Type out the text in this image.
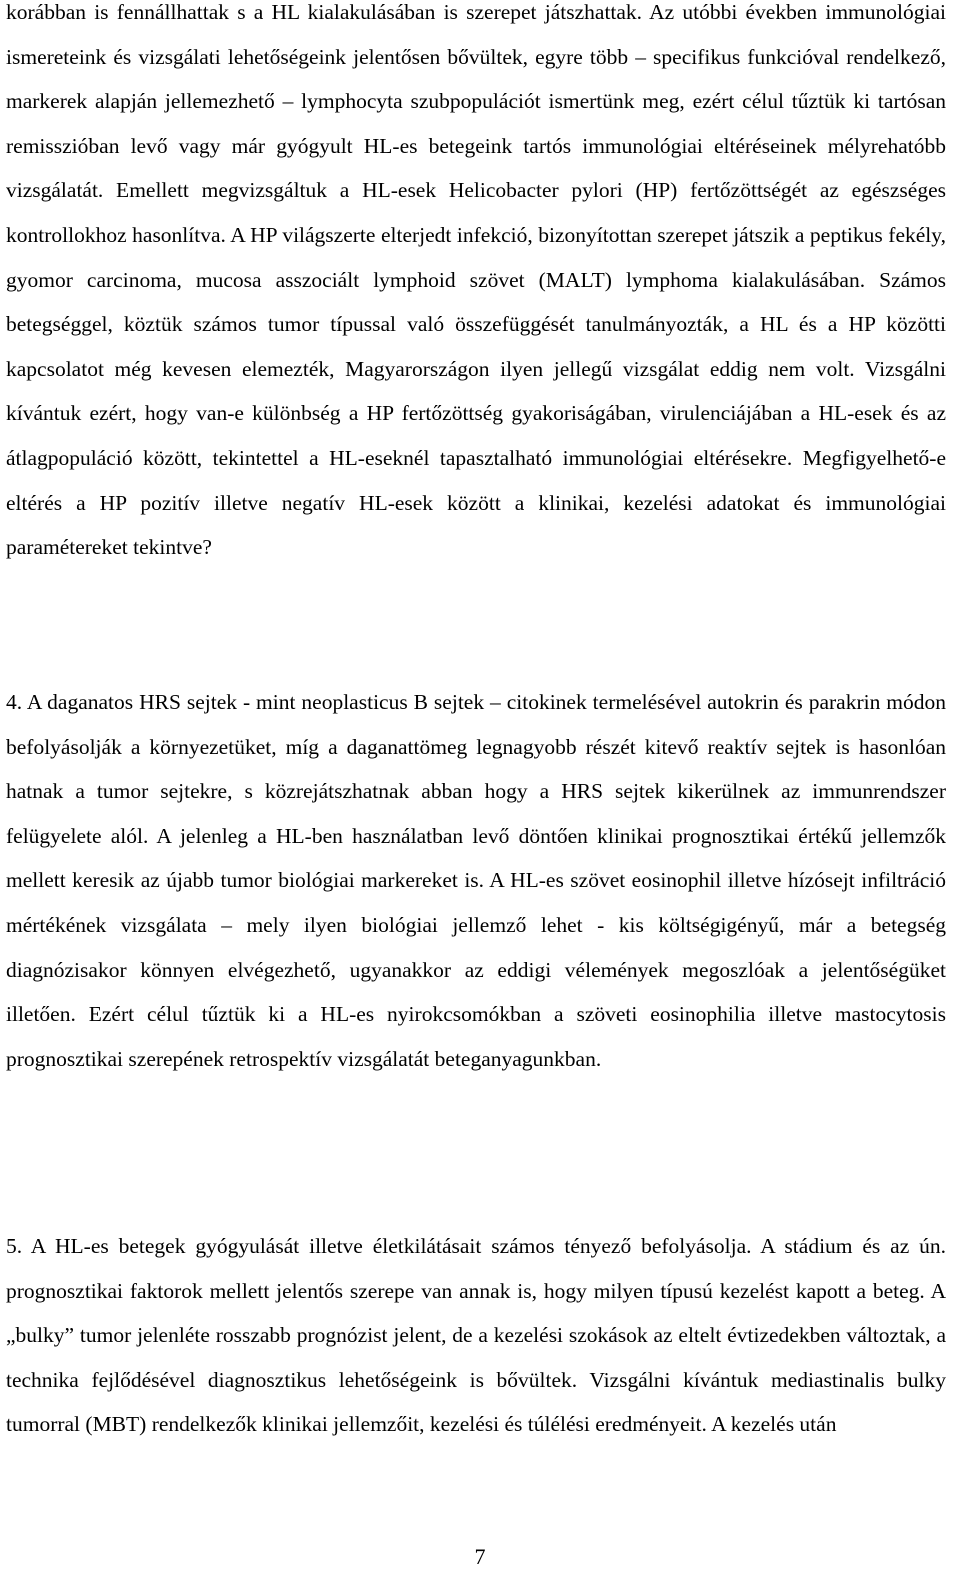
korábban is fennállhattak s a HL kialakulásában is szerepet játszhattak. Az utóbbi években immunológiai ismereteink és vizsgálati lehetőségeink jelentősen bővültek, egyre több – specifikus funkcióval rendelkező, markerek alapján jellemezhető – lymphocyta szubpopulációt ismertünk meg, ezért célul tűztük ki tartósan remisszióban levő vagy már gyógyult HL-es betegeink tartós immunológiai eltéréseinek mélyrehatóbb vizsgálatát. Emellett megvizsgáltuk a HL-esek Helicobacter pylori (HP) fertőzöttségét az egészséges kontrollokhoz hasonlítva. A HP világszerte elterjedt infekció, bizonyítottan szerepet játszik a peptikus fekély, gyomor carcinoma, mucosa asszociált lymphoid szövet (MALT) lymphoma kialakulásában. Számos betegséggel, köztük számos tumor típussal való összefüggését tanulmányozták, a HL és a HP közötti kapcsolatot még kevesen elemezték, Magyarországon ilyen jellegű vizsgálat eddig nem volt. Vizsgálni kívántuk ezért, hogy van-e különbség a HP fertőzöttség gyakoriságában, virulenciájában a HL-esek és az átlagpopuláció között, tekintettel a HL-eseknél tapasztalható immunológiai eltérésekre. Megfigyelhető-e eltérés a HP pozitív illetve negatív HL-esek között a klinikai, kezelési adatokat és immunológiai paramétereket tekintve?

4. A daganatos HRS sejtek - mint neoplasticus B sejtek – citokinek termelésével autokrin és parakrin módon befolyásolják a környezetüket, míg a daganattömeg legnagyobb részét kitevő reaktív sejtek is hasonlóan hatnak a tumor sejtekre, s közrejátszhatnak abban hogy a HRS sejtek kikerülnek az immunrendszer felügyelete alól. A jelenleg a HL-ben használatban levő döntően klinikai prognosztikai értékű jellemzők mellett keresik az újabb tumor biológiai markereket is. A HL-es szövet eosinophil illetve hízósejt infiltráció mértékének vizsgálata – mely ilyen biológiai jellemző lehet - kis költségigényű, már a betegség diagnózisakor könnyen elvégezhető, ugyanakkor az eddigi vélemények megoszlóak a jelentőségüket illetően. Ezért célul tűztük ki a HL-es nyirokcsomókban a szöveti eosinophilia illetve mastocytosis prognosztikai szerepének retrospektív vizsgálatát beteganyagunkban.

5. A HL-es betegek gyógyulását illetve életkilátásait számos tényező befolyásolja. A stádium és az ún. prognosztikai faktorok mellett jelentős szerepe van annak is, hogy milyen típusú kezelést kapott a beteg. A „bulky” tumor jelenléte rosszabb prognózist jelent, de a kezelési szokások az eltelt évtizedekben változtak, a technika fejlődésével diagnosztikus lehetőségeink is bővültek. Vizsgálni kívántuk mediastinalis bulky tumorral (MBT) rendelkezők klinikai jellemzőit, kezelési és túlélési eredményeit. A kezelés után

7
